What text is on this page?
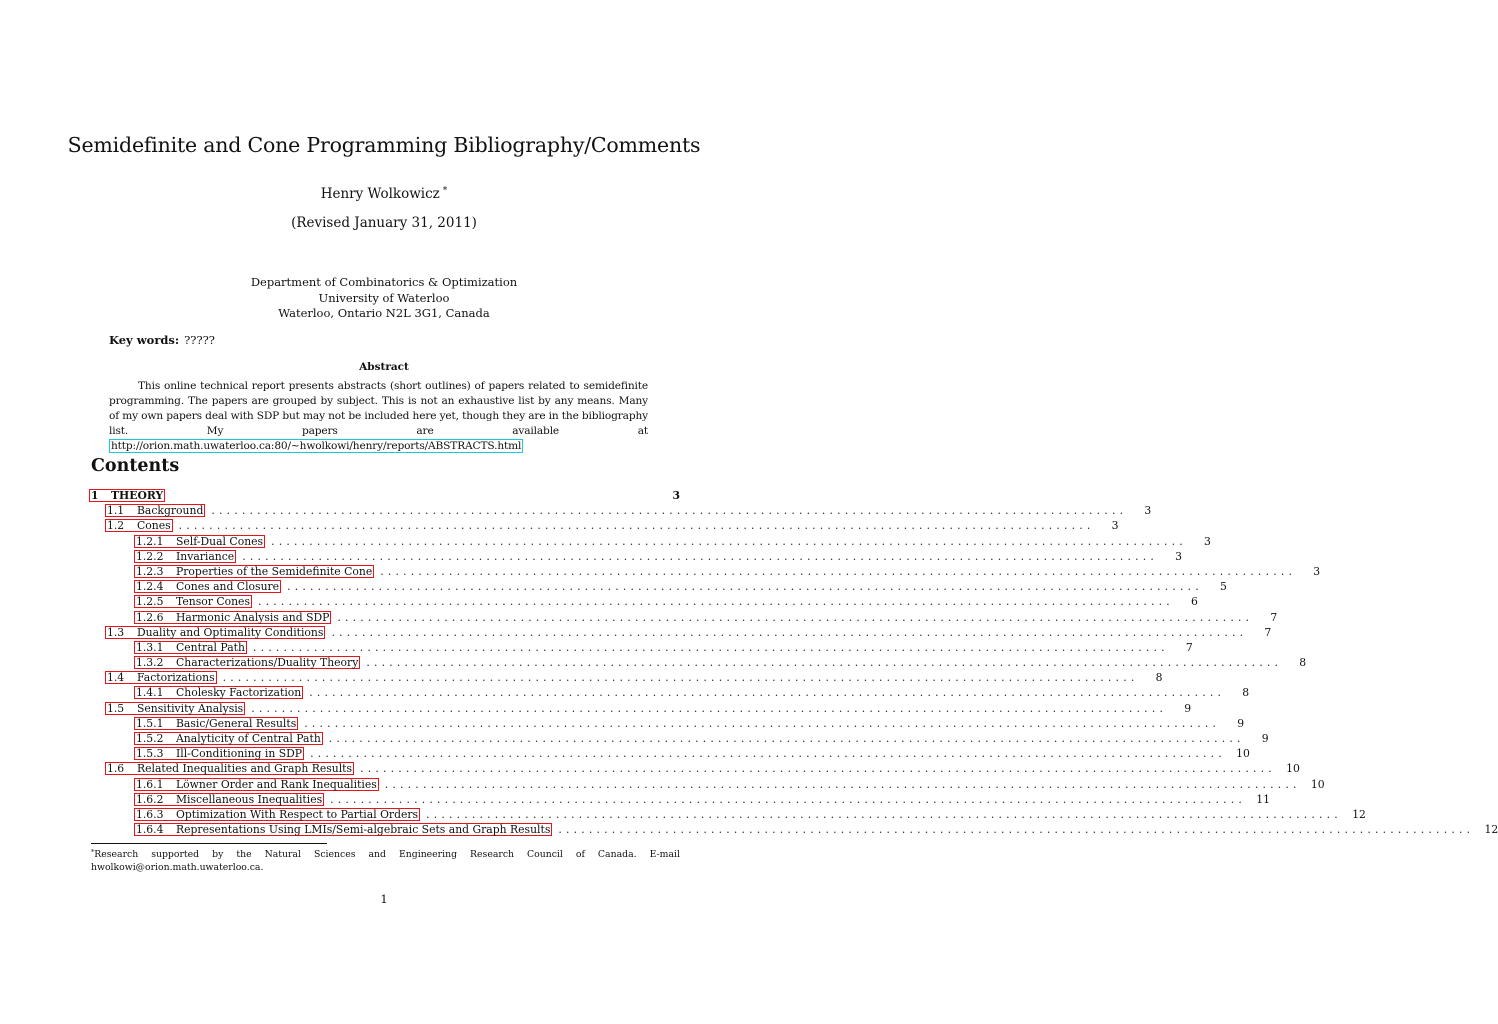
Semidefinite and Cone Programming Bibliography/Comments
Henry Wolkowicz *
(Revised January 31, 2011)
Department of Combinatorics & Optimization
University of Waterloo
Waterloo, Ontario N2L 3G1, Canada
Key words: ?????
Abstract
This online technical report presents abstracts (short outlines) of papers related to semidefinite programming. The papers are grouped by subject. This is not an exhaustive list by any means. Many of my own papers deal with SDP but may not be included here yet, though they are in the bibliography list. My papers are available at http://orion.math.uwaterloo.ca:80/~hwolkowi/henry/reports/ABSTRACTS.html
Contents
1	THEORY	3
1.1	Background ........................................................................................................................	3
1.2	Cones ........................................................................................................................	3
1.2.1	Self-Dual Cones ........................................................................................................................	3
1.2.2	Invariance ........................................................................................................................	3
1.2.3	Properties of the Semidefinite Cone ........................................................................................................................	3
1.2.4	Cones and Closure ........................................................................................................................	5
1.2.5	Tensor Cones ........................................................................................................................	6
1.2.6	Harmonic Analysis and SDP ........................................................................................................................	7
1.3	Duality and Optimality Conditions ........................................................................................................................	7
1.3.1	Central Path ........................................................................................................................	7
1.3.2	Characterizations/Duality Theory ........................................................................................................................	8
1.4	Factorizations ........................................................................................................................	8
1.4.1	Cholesky Factorization ........................................................................................................................	8
1.5	Sensitivity Analysis ........................................................................................................................	9
1.5.1	Basic/General Results ........................................................................................................................	9
1.5.2	Analyticity of Central Path ........................................................................................................................	9
1.5.3	Ill-Conditioning in SDP ........................................................................................................................ 10
1.6	Related Inequalities and Graph Results ........................................................................................................................ 10
1.6.1	Löwner Order and Rank Inequalities ........................................................................................................................ 10
1.6.2	Miscellaneous Inequalities ........................................................................................................................ 11
1.6.3	Optimization With Respect to Partial Orders ........................................................................................................................ 12
1.6.4	Representations Using LMIs/Semi-algebraic Sets and Graph Results ........................................................................................................................ 12
*Research supported by the Natural Sciences and Engineering Research Council of Canada. E-mail
hwolkowi@orion.math.uwaterloo.ca.
1
